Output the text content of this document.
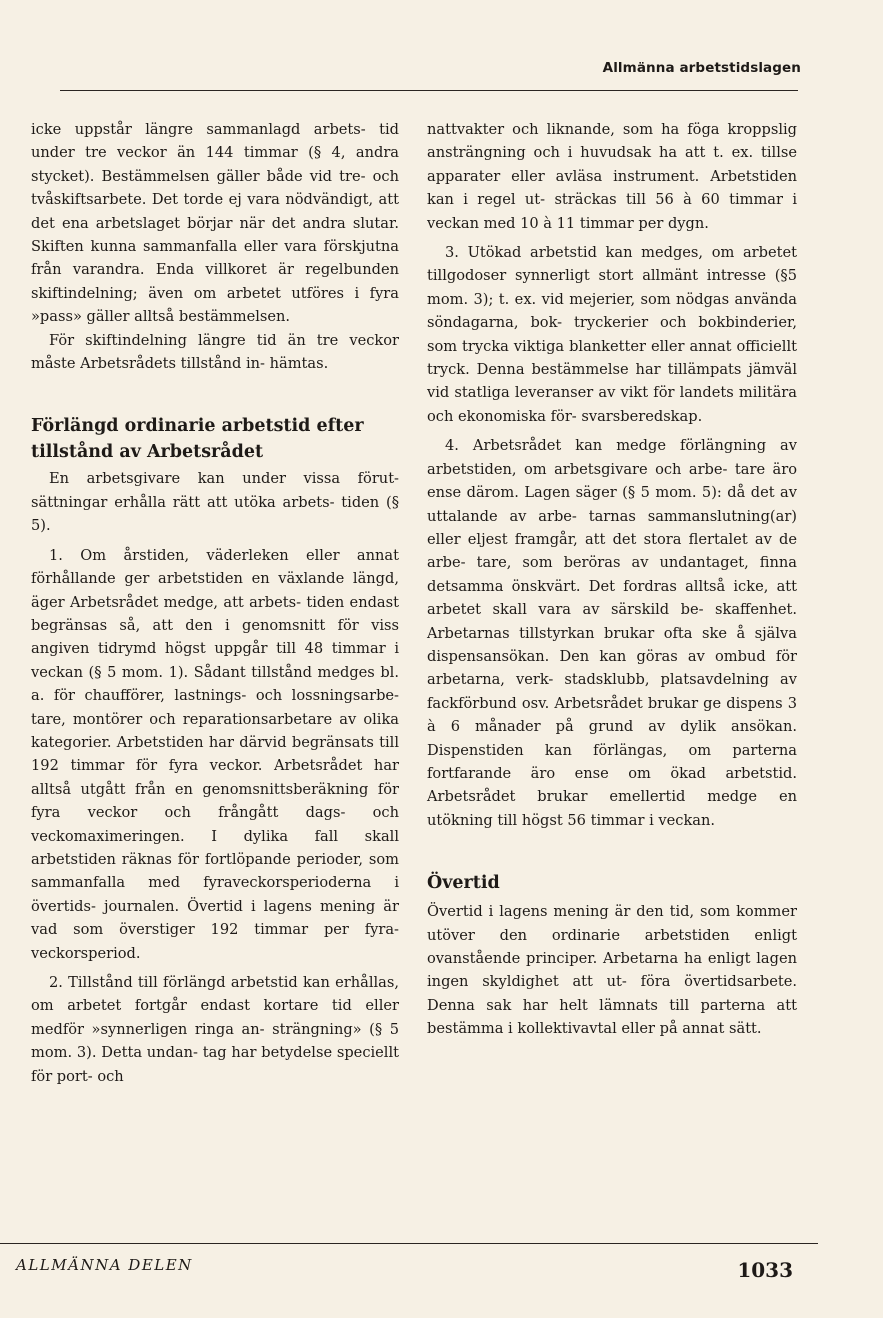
Allmänna arbetstidslagen

icke uppstår längre sammanlagd arbets- tid under tre veckor än 144 timmar (§ 4, andra stycket). Bestämmelsen gäller både vid tre- och tvåskiftsarbete. Det torde ej vara nödvändigt, att det ena arbetslaget börjar när det andra slutar. Skiften kunna sammanfalla eller vara förskjutna från varandra. Enda villkoret är regelbunden skiftindelning; även om arbetet utföres i fyra »pass» gäller alltså bestämmelsen.

För skiftindelning längre tid än tre veckor måste Arbetsrådets tillstånd in- hämtas.

Förlängd ordinarie arbetstid efter tillstånd av Arbetsrådet

En arbetsgivare kan under vissa förut- sättningar erhålla rätt att utöka arbets- tiden (§ 5).

1. Om årstiden, väderleken eller annat förhållande ger arbetstiden en växlande längd, äger Arbetsrådet medge, att arbets- tiden endast begränsas så, att den i genomsnitt för viss angiven tidrymd högst uppgår till 48 timmar i veckan (§ 5 mom. 1). Sådant tillstånd medges bl. a. för chaufförer, lastnings- och lossningsarbe- tare, montörer och reparationsarbetare av olika kategorier. Arbetstiden har därvid begränsats till 192 timmar för fyra veckor. Arbetsrådet har alltså utgått från en genomsnittsberäkning för fyra veckor och frångått dags- och veckomaximeringen. I dylika fall skall arbetstiden räknas för fortlöpande perioder, som sammanfalla med fyraveckorsperioderna i övertids- journalen. Övertid i lagens mening är vad som överstiger 192 timmar per fyra- veckorsperiod.

2. Tillstånd till förlängd arbetstid kan erhållas, om arbetet fortgår endast kortare tid eller medför »synnerligen ringa an- strängning» (§ 5 mom. 3). Detta undan- tag har betydelse speciellt för port- och

nattvakter och liknande, som ha föga kroppslig ansträngning och i huvudsak ha att t. ex. tillse apparater eller avläsa instrument. Arbetstiden kan i regel ut- sträckas till 56 à 60 timmar i veckan med 10 à 11 timmar per dygn.

3. Utökad arbetstid kan medges, om arbetet tillgodoser synnerligt stort allmänt intresse (§5 mom. 3); t. ex. vid mejerier, som nödgas använda söndagarna, bok- tryckerier och bokbinderier, som trycka viktiga blanketter eller annat officiellt tryck. Denna bestämmelse har tillämpats jämväl vid statliga leveranser av vikt för landets militära och ekonomiska för- svarsberedskap.

4. Arbetsrådet kan medge förlängning av arbetstiden, om arbetsgivare och arbe- tare äro ense därom. Lagen säger (§ 5 mom. 5): då det av uttalande av arbe- tarnas sammanslutning(ar) eller eljest framgår, att det stora flertalet av de arbe- tare, som beröras av undantaget, finna detsamma önskvärt. Det fordras alltså icke, att arbetet skall vara av särskild be- skaffenhet. Arbetarnas tillstyrkan brukar ofta ske å själva dispensansökan. Den kan göras av ombud för arbetarna, verk- stadsklubb, platsavdelning av fackförbund osv. Arbetsrådet brukar ge dispens 3 à 6 månader på grund av dylik ansökan. Dispenstiden kan förlängas, om parterna fortfarande äro ense om ökad arbetstid. Arbetsrådet brukar emellertid medge en utökning till högst 56 timmar i veckan.

Övertid

Övertid i lagens mening är den tid, som kommer utöver den ordinarie arbetstiden enligt ovanstående principer. Arbetarna ha enligt lagen ingen skyldighet att ut- föra övertidsarbete. Denna sak har helt lämnats till parterna att bestämma i kollektivavtal eller på annat sätt.

ALLMÄNNA DELEN	1033
